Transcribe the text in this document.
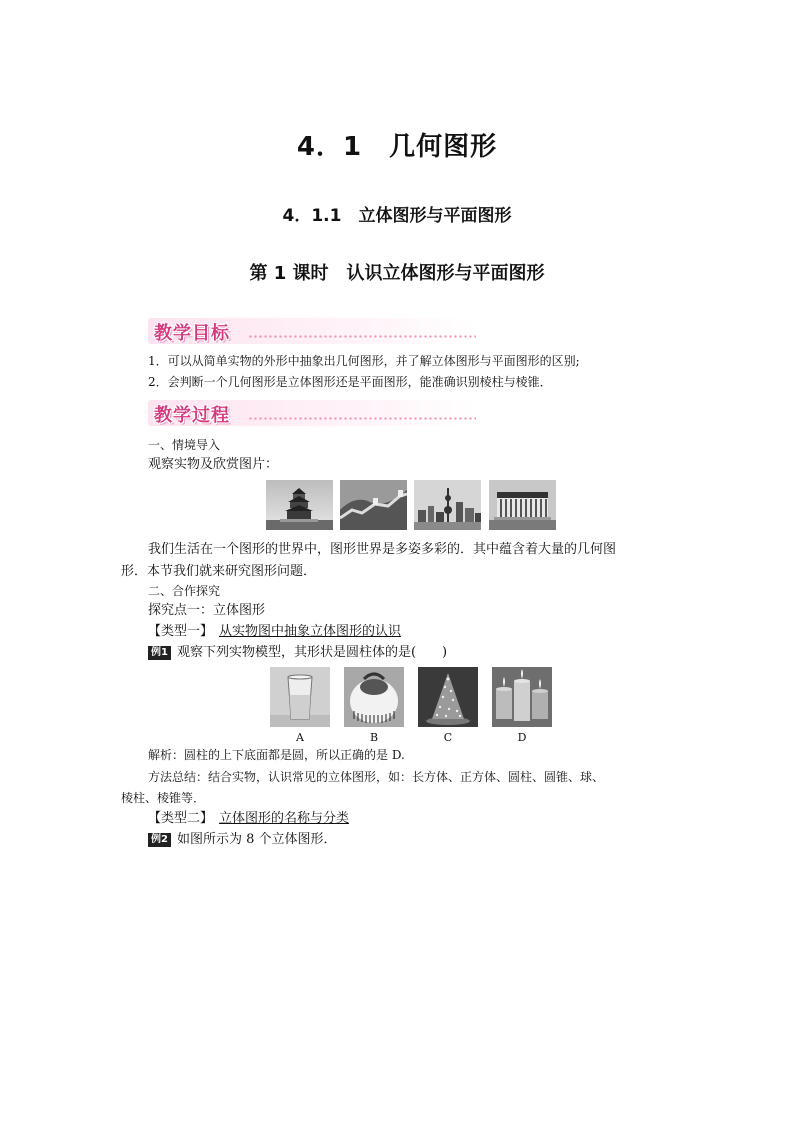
4．1　几何图形
4．1.1　立体图形与平面图形
第 1 课时　认识立体图形与平面图形
教学目标
1．可以从简单实物的外形中抽象出几何图形，并了解立体图形与平面图形的区别;
2．会判断一个几何图形是立体图形还是平面图形，能准确识别棱柱与棱锥．
教学过程
一、情境导入
观察实物及欣赏图片：
我们生活在一个图形的世界中，图形世界是多姿多彩的．其中蕴含着大量的几何图
形．本节我们就来研究图形问题．
二、合作探究
探究点一：立体图形
【类型一】 从实物图中抽象立体图形的认识
例1 观察下列实物模型，其形状是圆柱体的是(　　)
A	B	C	D
解析：圆柱的上下底面都是圆，所以正确的是 D.
方法总结：结合实物，认识常见的立体图形，如：长方体、正方体、圆柱、圆锥、球、
棱柱、棱锥等．
【类型二】 立体图形的名称与分类
例2 如图所示为 8 个立体图形．
